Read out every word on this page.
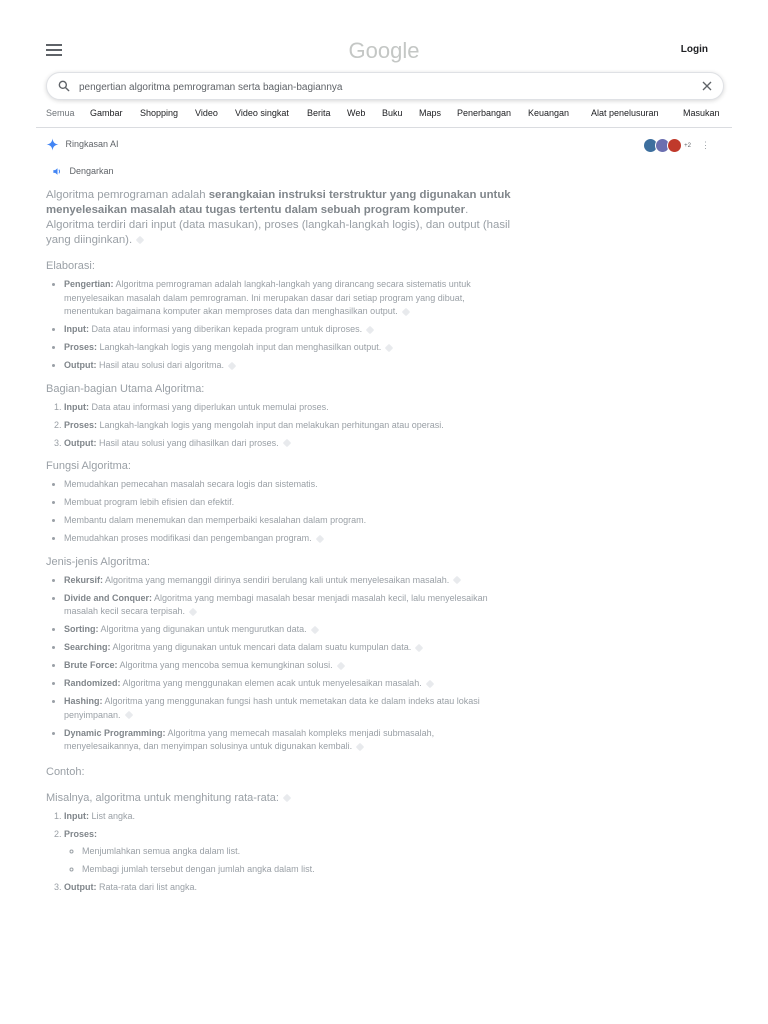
Google	Login
pengertian algoritma pemrograman serta bagian-bagiannya
Semua Gambar Shopping Video Video singkat Berita Web Buku Maps Penerbangan Keuangan Alat penelusuran	Masukan
Ringkasan AI	+2 ⋮
Dengarkan

Algoritma pemrograman adalah serangkaian instruksi terstruktur yang digunakan untuk menyelesaikan masalah atau tugas tertentu dalam sebuah program komputer. Algoritma terdiri dari input (data masukan), proses (langkah-langkah logis), dan output (hasil yang diinginkan).

Elaborasi:
• Pengertian: Algoritma pemrograman adalah langkah-langkah yang dirancang secara sistematis untuk menyelesaikan masalah dalam pemrograman. Ini merupakan dasar dari setiap program yang dibuat, menentukan bagaimana komputer akan memproses data dan menghasilkan output.
• Input: Data atau informasi yang diberikan kepada program untuk diproses.
• Proses: Langkah-langkah logis yang mengolah input dan menghasilkan output.
• Output: Hasil atau solusi dari algoritma.
Bagian-bagian Utama Algoritma:
1. Input: Data atau informasi yang diperlukan untuk memulai proses.
2. Proses: Langkah-langkah logis yang mengolah input dan melakukan perhitungan atau operasi.
3. Output: Hasil atau solusi yang dihasilkan dari proses.
Fungsi Algoritma:
• Memudahkan pemecahan masalah secara logis dan sistematis.
• Membuat program lebih efisien dan efektif.
• Membantu dalam menemukan dan memperbaiki kesalahan dalam program.
• Memudahkan proses modifikasi dan pengembangan program.
Jenis-jenis Algoritma:
• Rekursif: Algoritma yang memanggil dirinya sendiri berulang kali untuk menyelesaikan masalah.
• Divide and Conquer: Algoritma yang membagi masalah besar menjadi masalah kecil, lalu menyelesaikan masalah kecil secara terpisah.
• Sorting: Algoritma yang digunakan untuk mengurutkan data.
• Searching: Algoritma yang digunakan untuk mencari data dalam suatu kumpulan data.
• Brute Force: Algoritma yang mencoba semua kemungkinan solusi.
• Randomized: Algoritma yang menggunakan elemen acak untuk menyelesaikan masalah.
• Hashing: Algoritma yang menggunakan fungsi hash untuk memetakan data ke dalam indeks atau lokasi penyimpanan.
• Dynamic Programming: Algoritma yang memecah masalah kompleks menjadi submasalah, menyelesaikannya, dan menyimpan solusinya untuk digunakan kembali.
Contoh:
Misalnya, algoritma untuk menghitung rata-rata:
1. Input: List angka.
2. Proses:
◦ Menjumlahkan semua angka dalam list.
◦ Membagi jumlah tersebut dengan jumlah angka dalam list.
3. Output: Rata-rata dari list angka.
